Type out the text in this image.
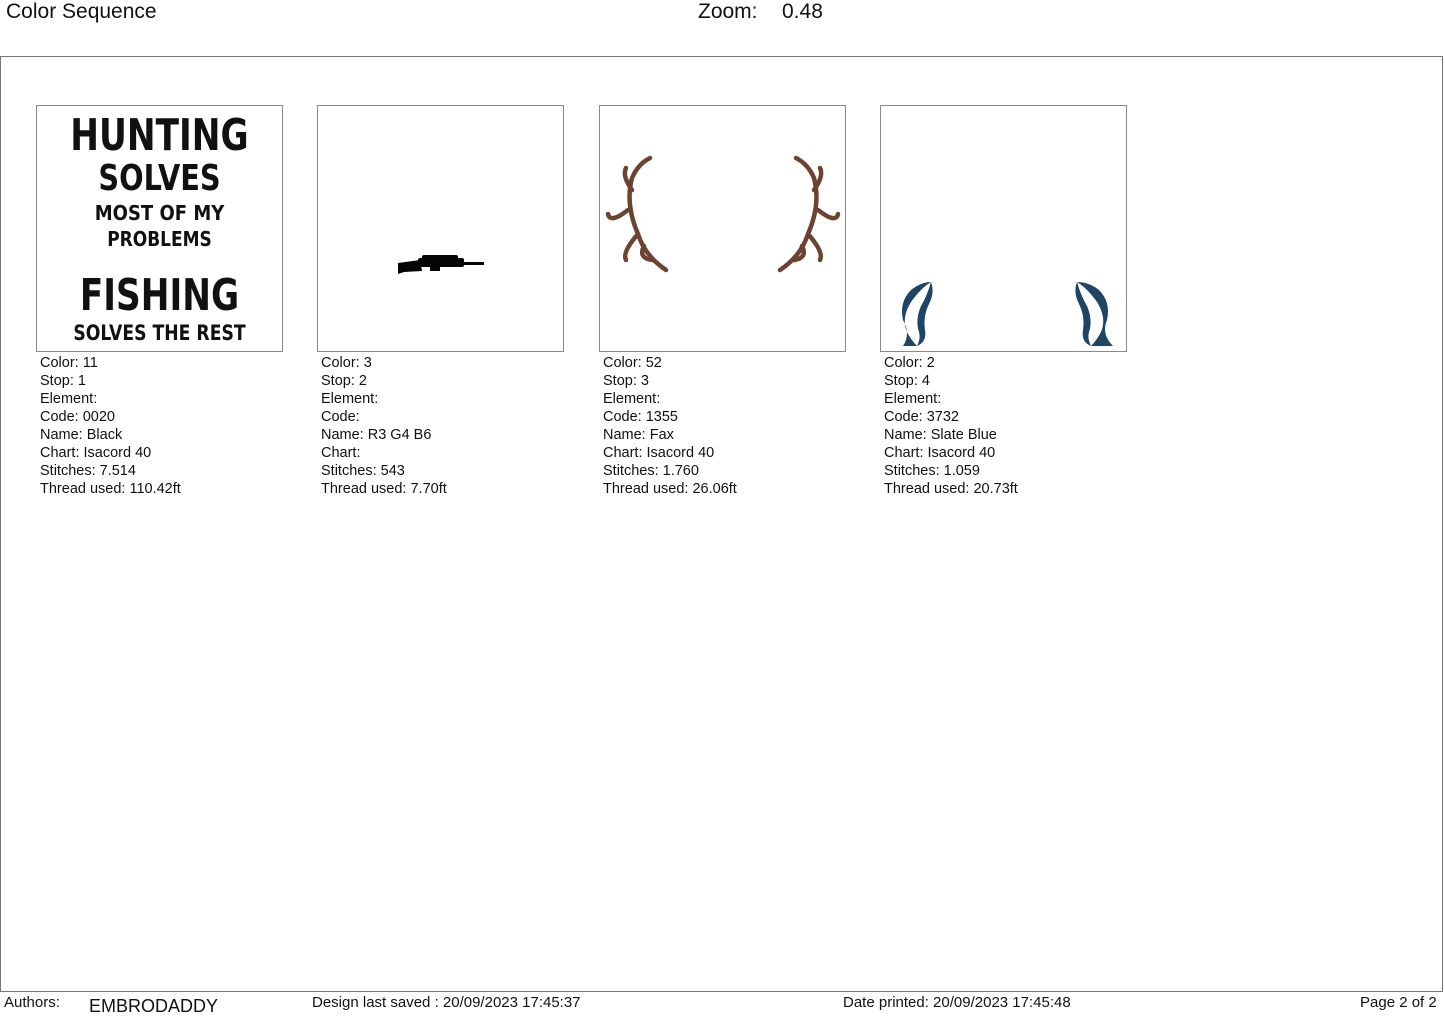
Color Sequence	Zoom: 0.48
HUNTING
SOLVES
MOST OF MY
PROBLEMS
FISHING
SOLVES THE REST
Color: 11
Stop: 1
Element:
Code: 0020
Name: Black
Chart: Isacord 40
Stitches: 7.514
Thread used: 110.42ft
Color: 3
Stop: 2
Element:
Code:
Name: R3 G4 B6
Chart:
Stitches: 543
Thread used: 7.70ft
Color: 52
Stop: 3
Element:
Code: 1355
Name: Fax
Chart: Isacord 40
Stitches: 1.760
Thread used: 26.06ft
Color: 2
Stop: 4
Element:
Code: 3732
Name: Slate Blue
Chart: Isacord 40
Stitches: 1.059
Thread used: 20.73ft
Authors: EMBRODADDY	Design last saved : 20/09/2023 17:45:37	Date printed: 20/09/2023 17:45:48	Page 2 of 2
